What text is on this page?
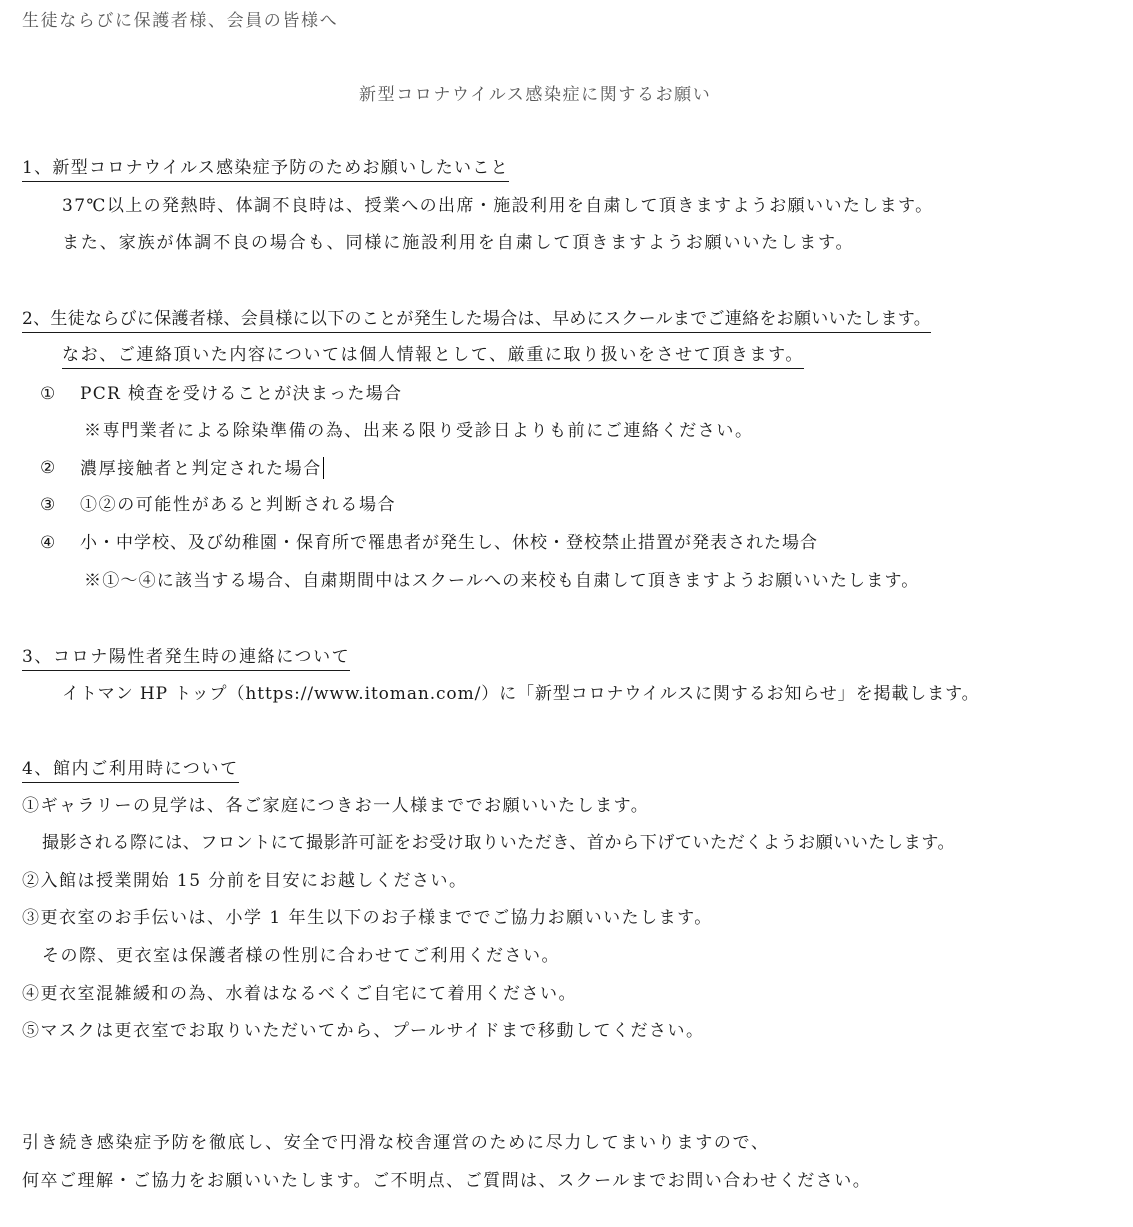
生徒ならびに保護者様、会員の皆様へ
新型コロナウイルス感染症に関するお願い
1、新型コロナウイルス感染症予防のためお願いしたいこと
37℃以上の発熱時、体調不良時は、授業への出席・施設利用を自粛して頂きますようお願いいたします。
また、家族が体調不良の場合も、同様に施設利用を自粛して頂きますようお願いいたします。
2、生徒ならびに保護者様、会員様に以下のことが発生した場合は、早めにスクールまでご連絡をお願いいたします。
なお、ご連絡頂いた内容については個人情報として、厳重に取り扱いをさせて頂きます。
① PCR 検査を受けることが決まった場合
※専門業者による除染準備の為、出来る限り受診日よりも前にご連絡ください。
② 濃厚接触者と判定された場合
③ ①②の可能性があると判断される場合
④ 小・中学校、及び幼稚園・保育所で罹患者が発生し、休校・登校禁止措置が発表された場合
※①〜④に該当する場合、自粛期間中はスクールへの来校も自粛して頂きますようお願いいたします。
3、コロナ陽性者発生時の連絡について
イトマン HP トップ（https://www.itoman.com/）に「新型コロナウイルスに関するお知らせ」を掲載します。
4、館内ご利用時について
①ギャラリーの見学は、各ご家庭につきお一人様まででお願いいたします。
撮影される際には、フロントにて撮影許可証をお受け取りいただき、首から下げていただくようお願いいたします。
②入館は授業開始 15 分前を目安にお越しください。
③更衣室のお手伝いは、小学 1 年生以下のお子様まででご協力お願いいたします。
その際、更衣室は保護者様の性別に合わせてご利用ください。
④更衣室混雑緩和の為、水着はなるべくご自宅にて着用ください。
⑤マスクは更衣室でお取りいただいてから、プールサイドまで移動してください。
引き続き感染症予防を徹底し、安全で円滑な校舎運営のために尽力してまいりますので、
何卒ご理解・ご協力をお願いいたします。ご不明点、ご質問は、スクールまでお問い合わせください。
